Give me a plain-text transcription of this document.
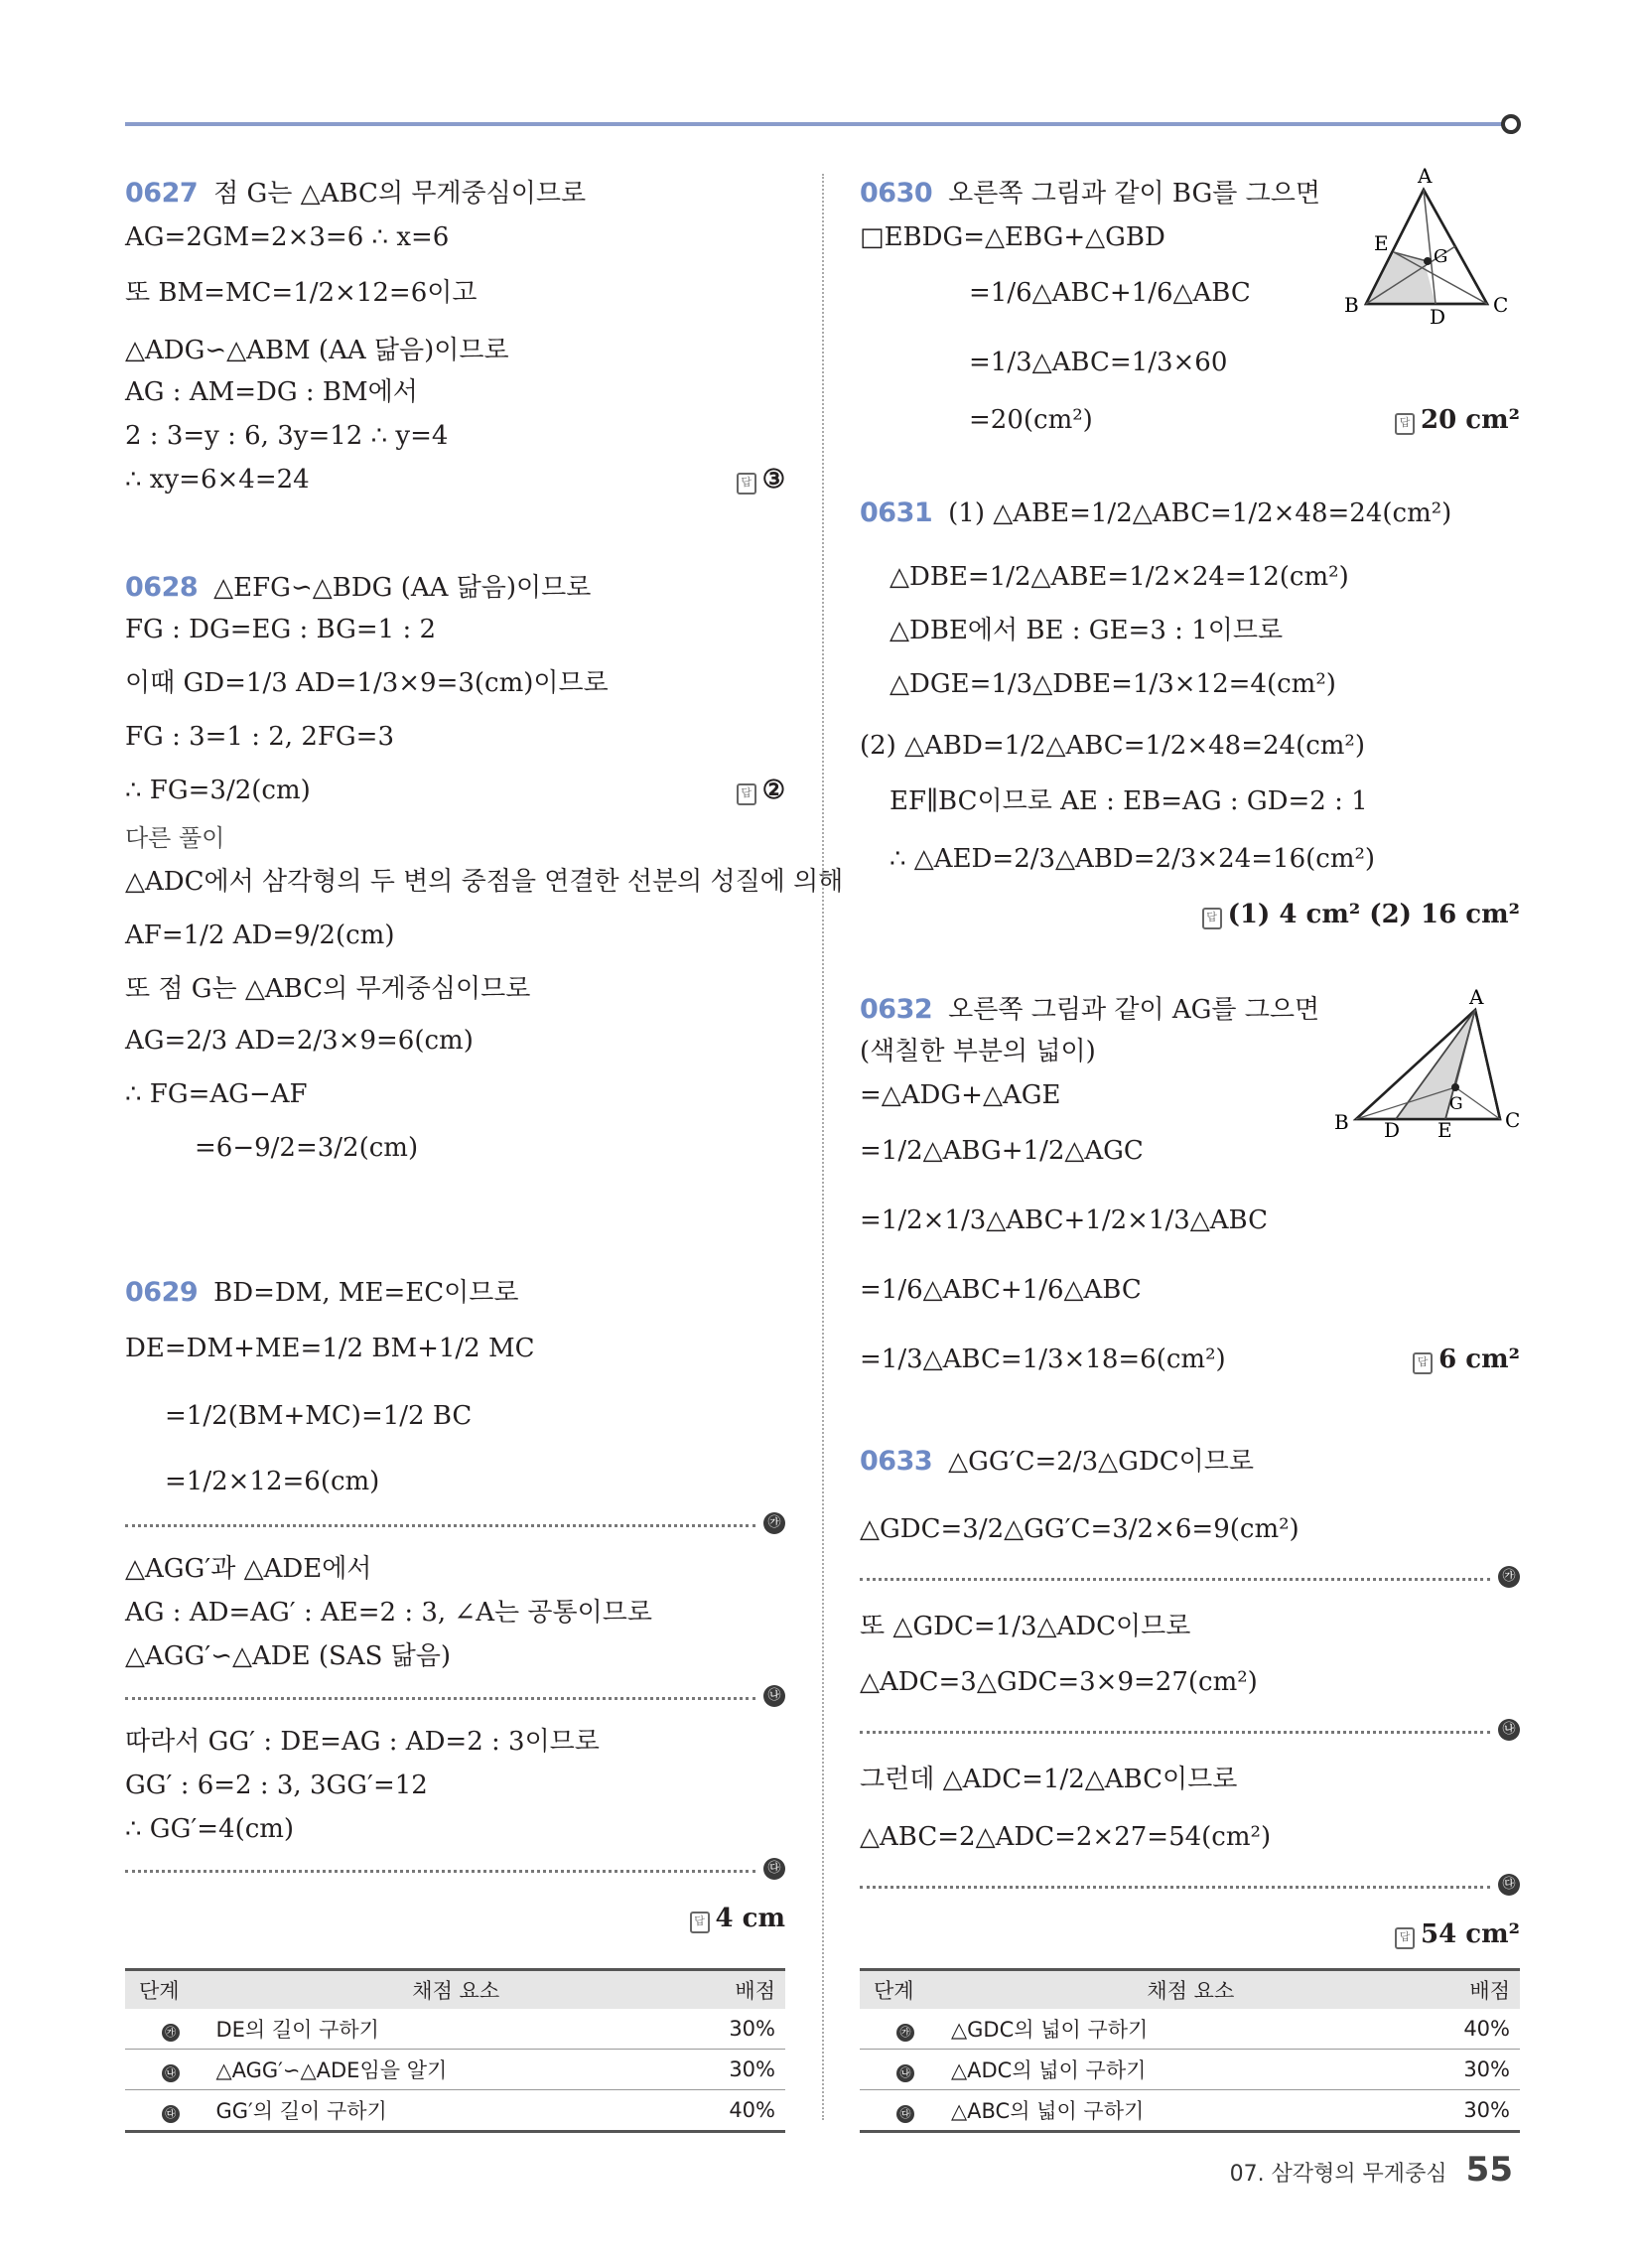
0627 점 G는 △ABC의 무게중심이므로
AG=2GM=2×3=6 ∴ x=6
또 BM=MC=1/2×12=6이고
△ADG∽△ABM (AA 닮음)이므로
AG : AM=DG : BM에서
2 : 3=y : 6, 3y=12 ∴ y=4
∴ xy=6×4=24	답 ③
0628 △EFG∽△BDG (AA 닮음)이므로
FG : DG=EG : BG=1 : 2
이때 GD=1/3 AD=1/3×9=3(cm)이므로
FG : 3=1 : 2, 2FG=3
∴ FG=3/2(cm)	답 ②
다른 풀이
△ADC에서 삼각형의 두 변의 중점을 연결한 선분의 성질에 의해
AF=1/2 AD=9/2(cm)
또 점 G는 △ABC의 무게중심이므로
AG=2/3 AD=2/3×9=6(cm)
∴ FG=AG−AF
=6−9/2=3/2(cm)
0629 BD=DM, ME=EC이므로
DE=DM+ME=1/2 BM+1/2 MC
=1/2(BM+MC)=1/2 BC
=1/2×12=6(cm)
㉮
△AGG′과 △ADE에서
AG : AD=AG′ : AE=2 : 3, ∠A는 공통이므로
△AGG′∽△ADE (SAS 닮음)
㉯
따라서 GG′ : DE=AG : AD=2 : 3이므로
GG′ : 6=2 : 3, 3GG′=12
∴ GG′=4(cm)
㉰
답 4 cm
단계	채점 요소	배점
㉮	DE의 길이 구하기	30%
㉯	△AGG′∽△ADE임을 알기	30%
㉰	GG′의 길이 구하기	40%
0630 오른쪽 그림과 같이 BG를 그으면
□EBDG=△EBG+△GBD
=1/6△ABC+1/6△ABC
=1/3△ABC=1/3×60
=20(cm²)	답 20 cm²
A
E
G
B	D C
0631 (1) △ABE=1/2△ABC=1/2×48=24(cm²)
△DBE=1/2△ABE=1/2×24=12(cm²)
△DBE에서 BE : GE=3 : 1이므로
△DGE=1/3△DBE=1/3×12=4(cm²)
(2) △ABD=1/2△ABC=1/2×48=24(cm²)
EF∥BC이므로 AE : EB=AG : GD=2 : 1
∴ △AED=2/3△ABD=2/3×24=16(cm²)
답 (1) 4 cm² (2) 16 cm²
0632 오른쪽 그림과 같이 AG를 그으면
(색칠한 부분의 넓이)
=△ADG+△AGE
=1/2△ABG+1/2△AGC
=1/2×1/3△ABC+1/2×1/3△ABC
=1/6△ABC+1/6△ABC
=1/3△ABC=1/3×18=6(cm²)	답 6 cm²
A
G
B D E	C
0633 △GG′C=2/3△GDC이므로
△GDC=3/2△GG′C=3/2×6=9(cm²)
㉮
또 △GDC=1/3△ADC이므로
△ADC=3△GDC=3×9=27(cm²)
㉯
그런데 △ADC=1/2△ABC이므로
△ABC=2△ADC=2×27=54(cm²)
㉰
답 54 cm²
단계	채점 요소	배점
㉮	△GDC의 넓이 구하기	40%
㉯	△ADC의 넓이 구하기	30%
㉰	△ABC의 넓이 구하기	30%
07. 삼각형의 무게중심 55
